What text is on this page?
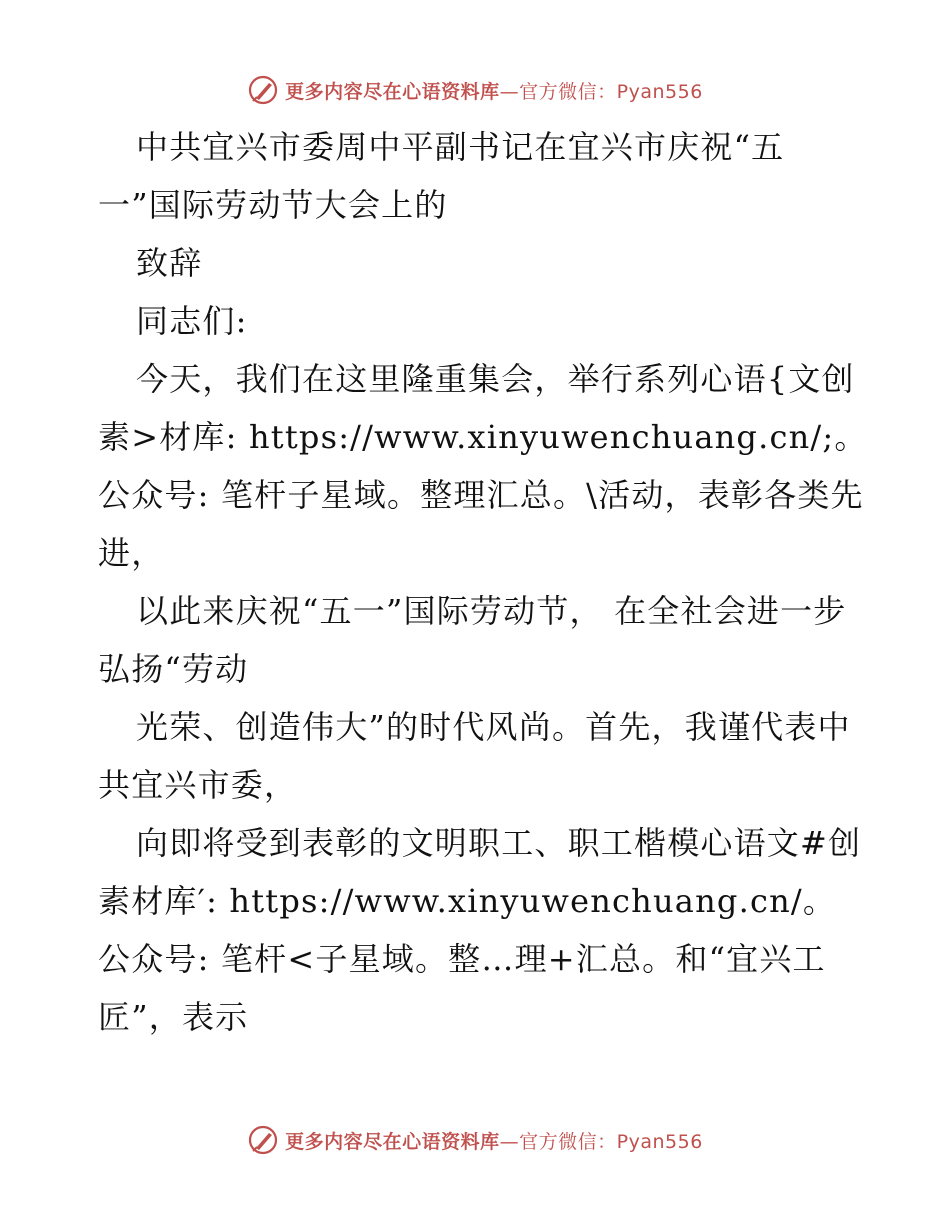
更多内容尽在心语资料库—官方微信：Pyan556

中共宜兴市委周中平副书记在宜兴市庆祝“五一”国际劳动节大会上的

致辞

同志们:

今天，我们在这里隆重集会，举行系列心语{文创素>材库: https://www.xinyuwenchuang.cn/;。公众号: 笔杆子星域。整理汇总。\活动，表彰各类先进，

以此来庆祝“五一”国际劳动节， 在全社会进一步弘扬“劳动

光荣、创造伟大”的时代风尚。首先，我谨代表中共宜兴市委，

向即将受到表彰的文明职工、职工楷模心语文#创素材库′: https://www.xinyuwenchuang.cn/。公众号: 笔杆<子星域。整…理+汇总。和“宜兴工匠”，表示

更多内容尽在心语资料库—官方微信：Pyan556
